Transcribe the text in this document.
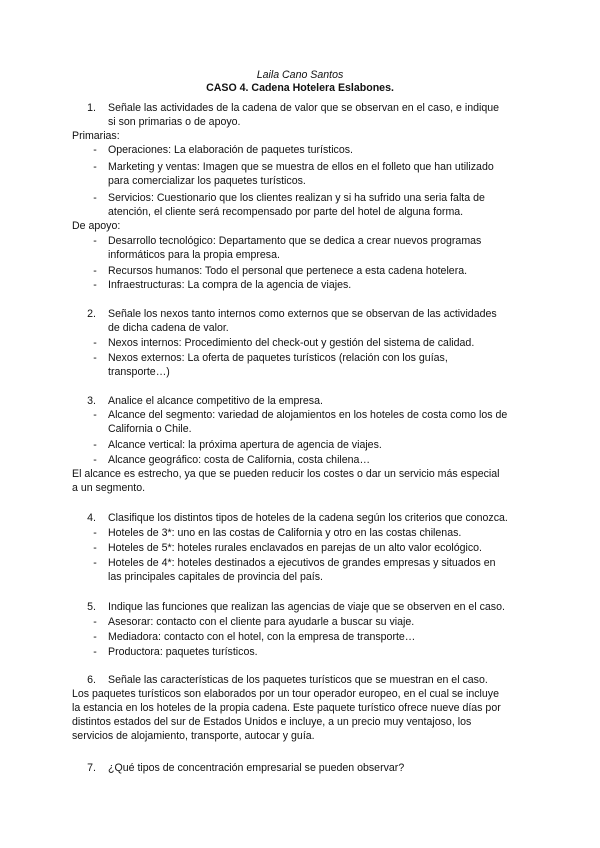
Laila Cano Santos
CASO 4. Cadena Hotelera Eslabones.
1. Señale las actividades de la cadena de valor que se observan en el caso, e indique
si son primarias o de apoyo.
Primarias:
- Operaciones: La elaboración de paquetes turísticos.
- Marketing y ventas: Imagen que se muestra de ellos en el folleto que han utilizado
para comercializar los paquetes turísticos.
- Servicios: Cuestionario que los clientes realizan y si ha sufrido una seria falta de
atención, el cliente será recompensado por parte del hotel de alguna forma.
De apoyo:
- Desarrollo tecnológico: Departamento que se dedica a crear nuevos programas
informáticos para la propia empresa.
- Recursos humanos: Todo el personal que pertenece a esta cadena hotelera.
- Infraestructuras: La compra de la agencia de viajes.
2. Señale los nexos tanto internos como externos que se observan de las actividades
de dicha cadena de valor.
- Nexos internos: Procedimiento del check-out y gestión del sistema de calidad.
- Nexos externos: La oferta de paquetes turísticos (relación con los guías,
transporte…)
3. Analice el alcance competitivo de la empresa.
- Alcance del segmento: variedad de alojamientos en los hoteles de costa como los de
California o Chile.
- Alcance vertical: la próxima apertura de agencia de viajes.
- Alcance geográfico: costa de California, costa chilena…
El alcance es estrecho, ya que se pueden reducir los costes o dar un servicio más especial
a un segmento.
4. Clasifique los distintos tipos de hoteles de la cadena según los criterios que conozca.
- Hoteles de 3*: uno en las costas de California y otro en las costas chilenas.
- Hoteles de 5*: hoteles rurales enclavados en parejas de un alto valor ecológico.
- Hoteles de 4*: hoteles destinados a ejecutivos de grandes empresas y situados en
las principales capitales de provincia del país.
5. Indique las funciones que realizan las agencias de viaje que se observen en el caso.
- Asesorar: contacto con el cliente para ayudarle a buscar su viaje.
- Mediadora: contacto con el hotel, con la empresa de transporte…
- Productora: paquetes turísticos.
6. Señale las características de los paquetes turísticos que se muestran en el caso.
Los paquetes turísticos son elaborados por un tour operador europeo, en el cual se incluye
la estancia en los hoteles de la propia cadena. Este paquete turístico ofrece nueve días por
distintos estados del sur de Estados Unidos e incluye, a un precio muy ventajoso, los
servicios de alojamiento, transporte, autocar y guía.
7. ¿Qué tipos de concentración empresarial se pueden observar?
